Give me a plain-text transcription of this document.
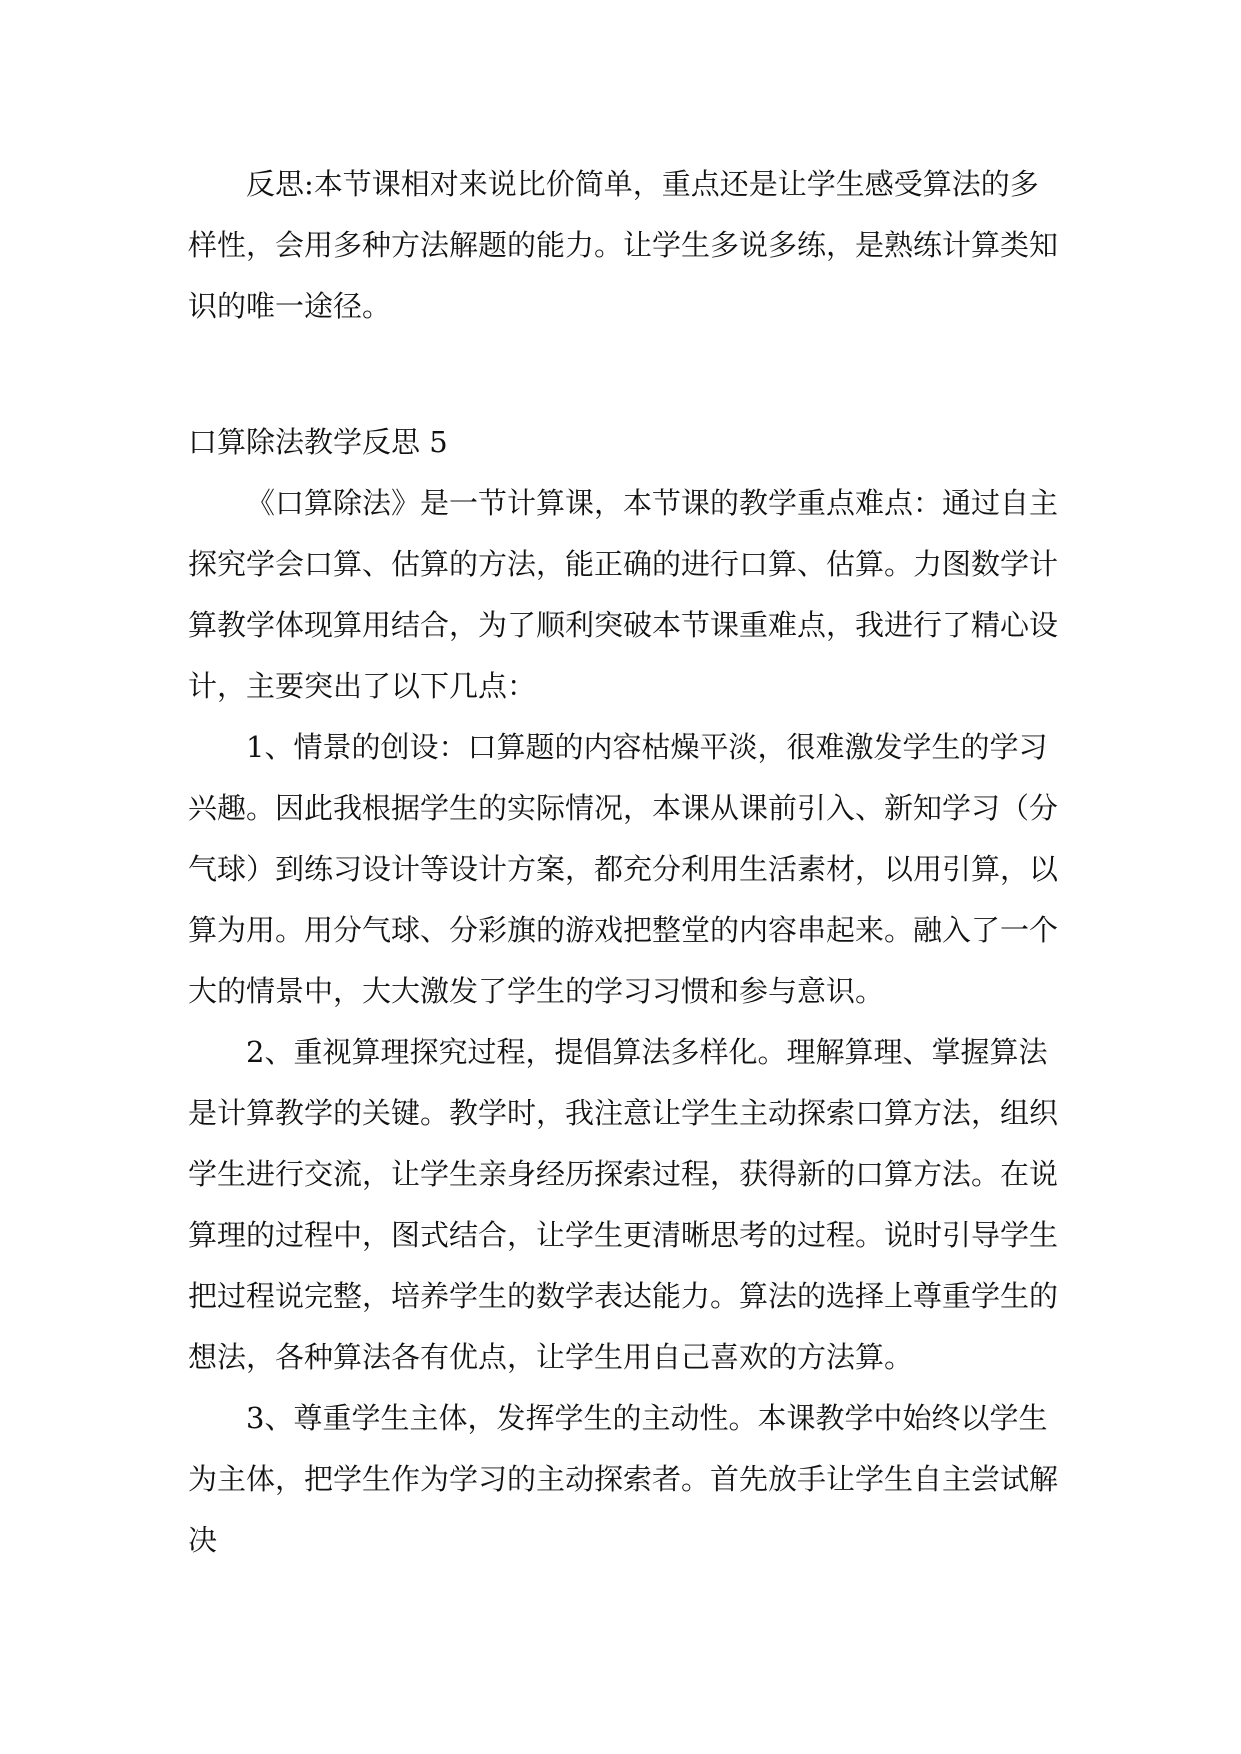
反思:本节课相对来说比价简单，重点还是让学生感受算法的多样性，会用多种方法解题的能力。让学生多说多练，是熟练计算类知识的唯一途径。

口算除法教学反思 5

《口算除法》是一节计算课，本节课的教学重点难点：通过自主探究学会口算、估算的方法，能正确的进行口算、估算。力图数学计算教学体现算用结合，为了顺利突破本节课重难点，我进行了精心设计，主要突出了以下几点：

1、情景的创设：口算题的内容枯燥平淡，很难激发学生的学习兴趣。因此我根据学生的实际情况，本课从课前引入、新知学习（分气球）到练习设计等设计方案，都充分利用生活素材，以用引算，以算为用。用分气球、分彩旗的游戏把整堂的内容串起来。融入了一个大的情景中，大大激发了学生的学习习惯和参与意识。

2、重视算理探究过程，提倡算法多样化。理解算理、掌握算法是计算教学的关键。教学时，我注意让学生主动探索口算方法，组织学生进行交流，让学生亲身经历探索过程，获得新的口算方法。在说算理的过程中，图式结合，让学生更清晰思考的过程。说时引导学生把过程说完整，培养学生的数学表达能力。算法的选择上尊重学生的想法，各种算法各有优点，让学生用自己喜欢的方法算。

3、尊重学生主体，发挥学生的主动性。本课教学中始终以学生为主体，把学生作为学习的主动探索者。首先放手让学生自主尝试解决
